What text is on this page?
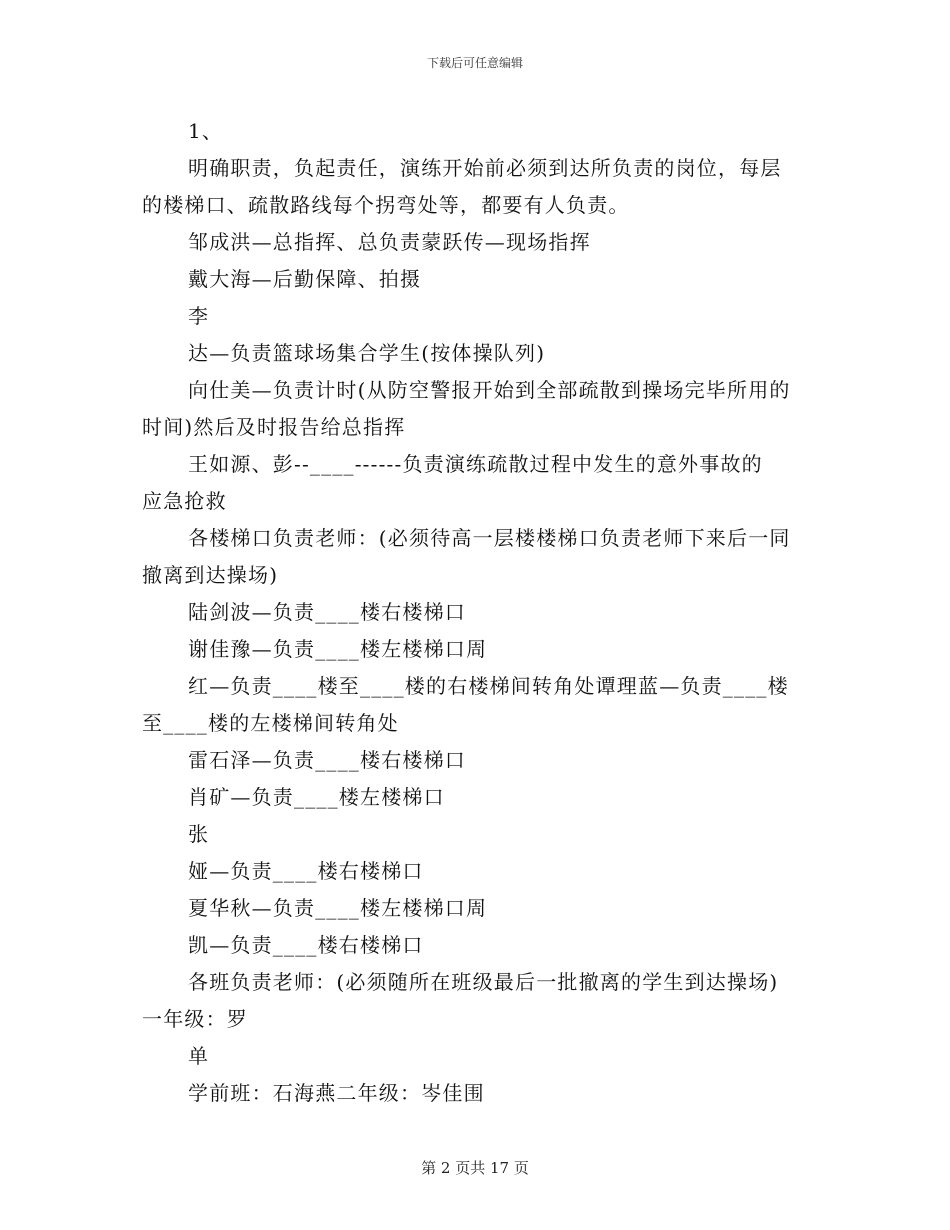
下载后可任意编辑
1、
明确职责，负起责任，演练开始前必须到达所负责的岗位，每层
的楼梯口、疏散路线每个拐弯处等，都要有人负责。
邹成洪—总指挥、总负责蒙跃传—现场指挥
戴大海—后勤保障、拍摄
李
达—负责篮球场集合学生(按体操队列)
向仕美—负责计时(从防空警报开始到全部疏散到操场完毕所用的
时间)然后及时报告给总指挥
王如源、彭--____------负责演练疏散过程中发生的意外事故的
应急抢救
各楼梯口负责老师：(必须待高一层楼楼梯口负责老师下来后一同
撤离到达操场)
陆剑波—负责____楼右楼梯口
谢佳豫—负责____楼左楼梯口周
红—负责____楼至____楼的右楼梯间转角处谭理蓝—负责____楼
至____楼的左楼梯间转角处
雷石泽—负责____楼右楼梯口
肖矿—负责____楼左楼梯口
张
娅—负责____楼右楼梯口
夏华秋—负责____楼左楼梯口周
凯—负责____楼右楼梯口
各班负责老师：(必须随所在班级最后一批撤离的学生到达操场)
一年级：罗
单
学前班：石海燕二年级：岑佳围
第 2 页共 17 页
